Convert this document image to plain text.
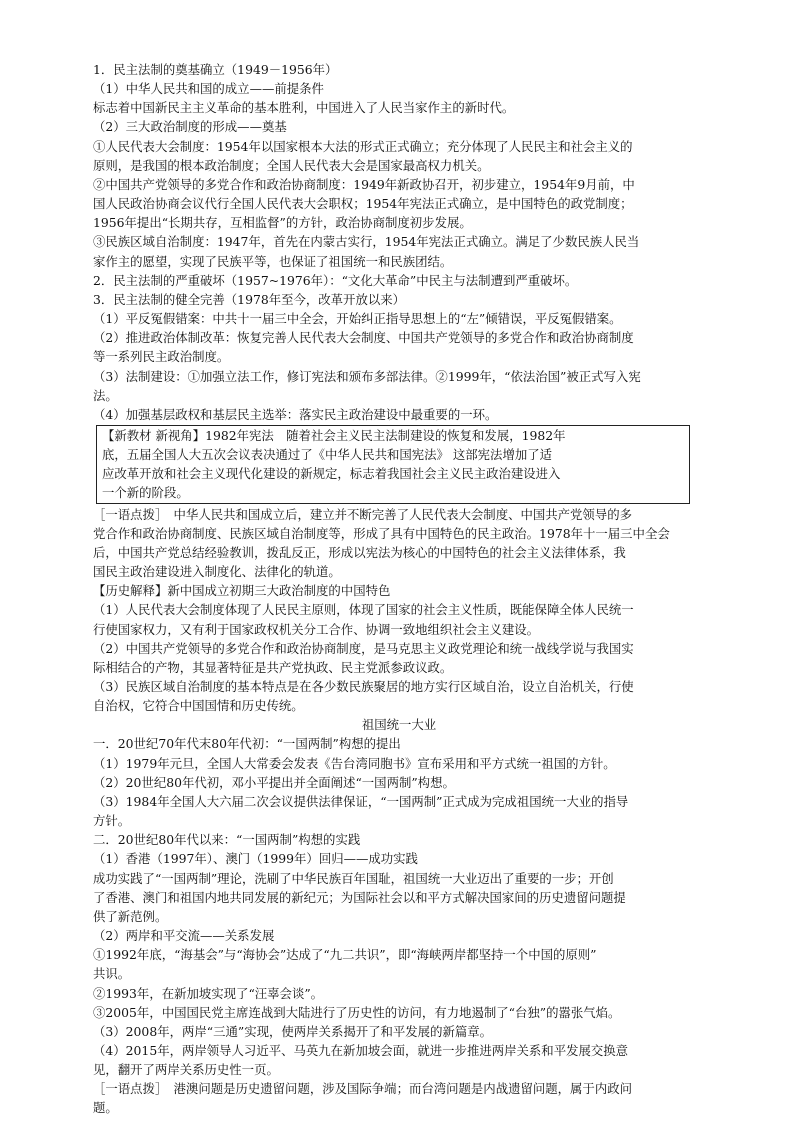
1．民主法制的奠基确立（1949－1956年）
（1）中华人民共和国的成立——前提条件
标志着中国新民主主义革命的基本胜利，中国进入了人民当家作主的新时代。
（2）三大政治制度的形成——奠基
①人民代表大会制度：1954年以国家根本大法的形式正式确立；充分体现了人民民主和社会主义的
原则，是我国的根本政治制度；全国人民代表大会是国家最高权力机关。
②中国共产党领导的多党合作和政治协商制度：1949年新政协召开，初步建立，1954年9月前，中
国人民政治协商会议代行全国人民代表大会职权；1954年宪法正式确立，是中国特色的政党制度；
1956年提出“长期共存，互相监督”的方针，政治协商制度初步发展。
③民族区域自治制度：1947年，首先在内蒙古实行，1954年宪法正式确立。满足了少数民族人民当
家作主的愿望，实现了民族平等，也保证了祖国统一和民族团结。
2．民主法制的严重破坏（1957~1976年）：“文化大革命”中民主与法制遭到严重破坏。
3．民主法制的健全完善（1978年至今，改革开放以来）
（1）平反冤假错案：中共十一届三中全会，开始纠正指导思想上的“左”倾错误，平反冤假错案。
（2）推进政治体制改革：恢复完善人民代表大会制度、中国共产党领导的多党合作和政治协商制度
等一系列民主政治制度。
（3）法制建设：①加强立法工作，修订宪法和颁布多部法律。②1999年，“依法治国”被正式写入宪
法。
（4）加强基层政权和基层民主选举：落实民主政治建设中最重要的一环。
【新教材 新视角】1982年宪法　随着社会主义民主法制建设的恢复和发展，1982年
底，五届全国人大五次会议表决通过了《中华人民共和国宪法》 这部宪法增加了适
应改革开放和社会主义现代化建设的新规定，标志着我国社会主义民主政治建设进入
一个新的阶段。
［一语点拨］　中华人民共和国成立后，建立并不断完善了人民代表大会制度、中国共产党领导的多
党合作和政治协商制度、民族区域自治制度等，形成了具有中国特色的民主政治。1978年十一届三中全会
后，中国共产党总结经验教训，拨乱反正，形成以宪法为核心的中国特色的社会主义法律体系，我
国民主政治建设进入制度化、法律化的轨道。
【历史解释】新中国成立初期三大政治制度的中国特色
（1）人民代表大会制度体现了人民民主原则，体现了国家的社会主义性质，既能保障全体人民统一
行使国家权力，又有利于国家政权机关分工合作、协调一致地组织社会主义建设。
（2）中国共产党领导的多党合作和政治协商制度，是马克思主义政党理论和统一战线学说与我国实
际相结合的产物，其显著特征是共产党执政、民主党派参政议政。
（3）民族区域自治制度的基本特点是在各少数民族聚居的地方实行区域自治，设立自治机关，行使
自治权，它符合中国国情和历史传统。
祖国统一大业
一．20世纪70年代末80年代初：“一国两制”构想的提出
（1）1979年元旦，全国人大常委会发表《告台湾同胞书》宣布采用和平方式统一祖国的方针。
（2）20世纪80年代初，邓小平提出并全面阐述“一国两制”构想。
（3）1984年全国人大六届二次会议提供法律保证，“一国两制”正式成为完成祖国统一大业的指导
方针。
二．20世纪80年代以来：“一国两制”构想的实践
（1）香港（1997年）、澳门（1999年）回归——成功实践
成功实践了“一国两制”理论，洗刷了中华民族百年国耻，祖国统一大业迈出了重要的一步；开创
了香港、澳门和祖国内地共同发展的新纪元；为国际社会以和平方式解决国家间的历史遗留问题提
供了新范例。
（2）两岸和平交流——关系发展
①1992年底，“海基会”与“海协会”达成了“九二共识”，即“海峡两岸都坚持一个中国的原则”
共识。
②1993年，在新加坡实现了“汪辜会谈”。
③2005年，中国国民党主席连战到大陆进行了历史性的访问，有力地遏制了“台独”的嚣张气焰。
（3）2008年，两岸“三通”实现，使两岸关系揭开了和平发展的新篇章。
（4）2015年，两岸领导人习近平、马英九在新加坡会面，就进一步推进两岸关系和平发展交换意
见，翻开了两岸关系历史性一页。
［一语点拨］　港澳问题是历史遗留问题，涉及国际争端；而台湾问题是内战遗留问题，属于内政问
题。
